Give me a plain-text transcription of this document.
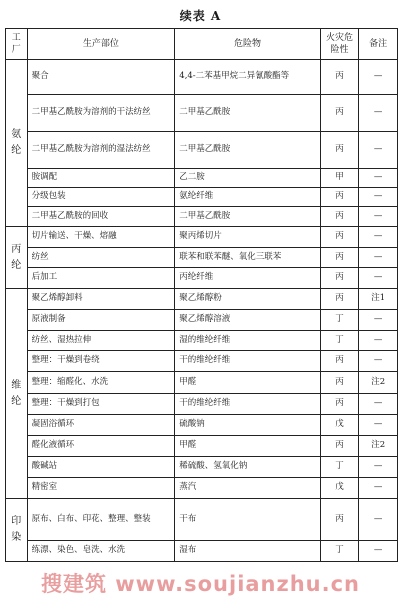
续表 A
工厂	生产部位	危险物	火灾危险性	备注

氨
纶	聚合	4,4-二苯基甲烷二异氰酸酯等	丙	—
	二甲基乙酰胺为溶剂的干法纺丝	二甲基乙酰胺	丙	—
	二甲基乙酰胺为溶剂的湿法纺丝	二甲基乙酰胺	丙	—
	胺调配	乙二胺	甲	—
	分级包装	氨纶纤维	丙	—
	二甲基乙酰胺的回收	二甲基乙酰胺	丙	—

丙
纶	切片输送、干燥、熔融	聚丙烯切片	丙	—
	纺丝	联苯和联苯醚、氧化三联苯	丙	—
	后加工	丙纶纤维	丙	—

维
纶	聚乙烯醇卸料	聚乙烯醇粉	丙	注1
	原液制备	聚乙烯醇溶液	丁	—
	纺丝、湿热拉伸	湿的维纶纤维	丁	—
	整理：干燥到卷绕	干的维纶纤维	丙	—
	整理：缩醛化、水洗	甲醛	丙	注2
	整理：干燥到打包	干的维纶纤维	丙	—
	凝固浴循环	硫酸钠	戊	—
	醛化液循环	甲醛	丙	注2
	酸碱站	稀硫酸、氢氧化钠	丁	—
	精密室	蒸汽	戊	—

印
染	原布、白布、印花、整理、整装	干布	丙	—
	练漂、染色、皂洗、水洗	湿布	丁	—
搜建筑 www.soujianzhu.cn
